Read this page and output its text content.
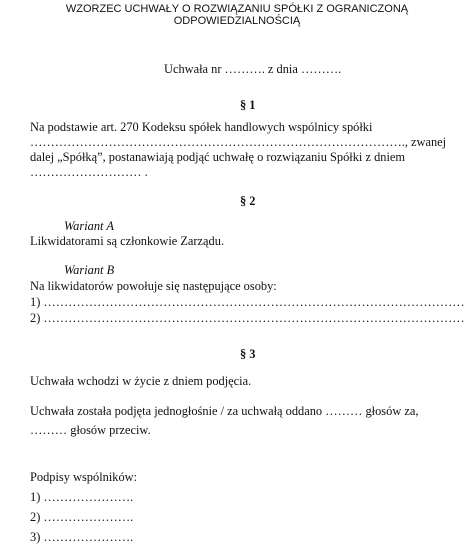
WZORZEC UCHWAŁY O ROZWIĄZANIU SPÓŁKI Z OGRANICZONĄ
ODPOWIEDZIALNOŚCIĄ
Uchwała nr ………. z dnia ……….
§ 1
Na podstawie art. 270 Kodeksu spółek handlowych wspólnicy spółki
………………………………………………………………………………., zwanej
dalej „Spółką”, postanawiają podjąć uchwałę o rozwiązaniu Spółki z dniem
……………………… .
§ 2
Wariant A
Likwidatorami są członkowie Zarządu.
Wariant B
Na likwidatorów powołuje się następujące osoby:
1) …………………………………………………………………………………………
2) …………………………………………………………………………………………
§ 3
Uchwała wchodzi w życie z dniem podjęcia.
Uchwała została podjęta jednogłośnie / za uchwałą oddano ……… głosów za,
……… głosów przeciw.
Podpisy wspólników:
1) ………………….
2) ………………….
3) ………………….
